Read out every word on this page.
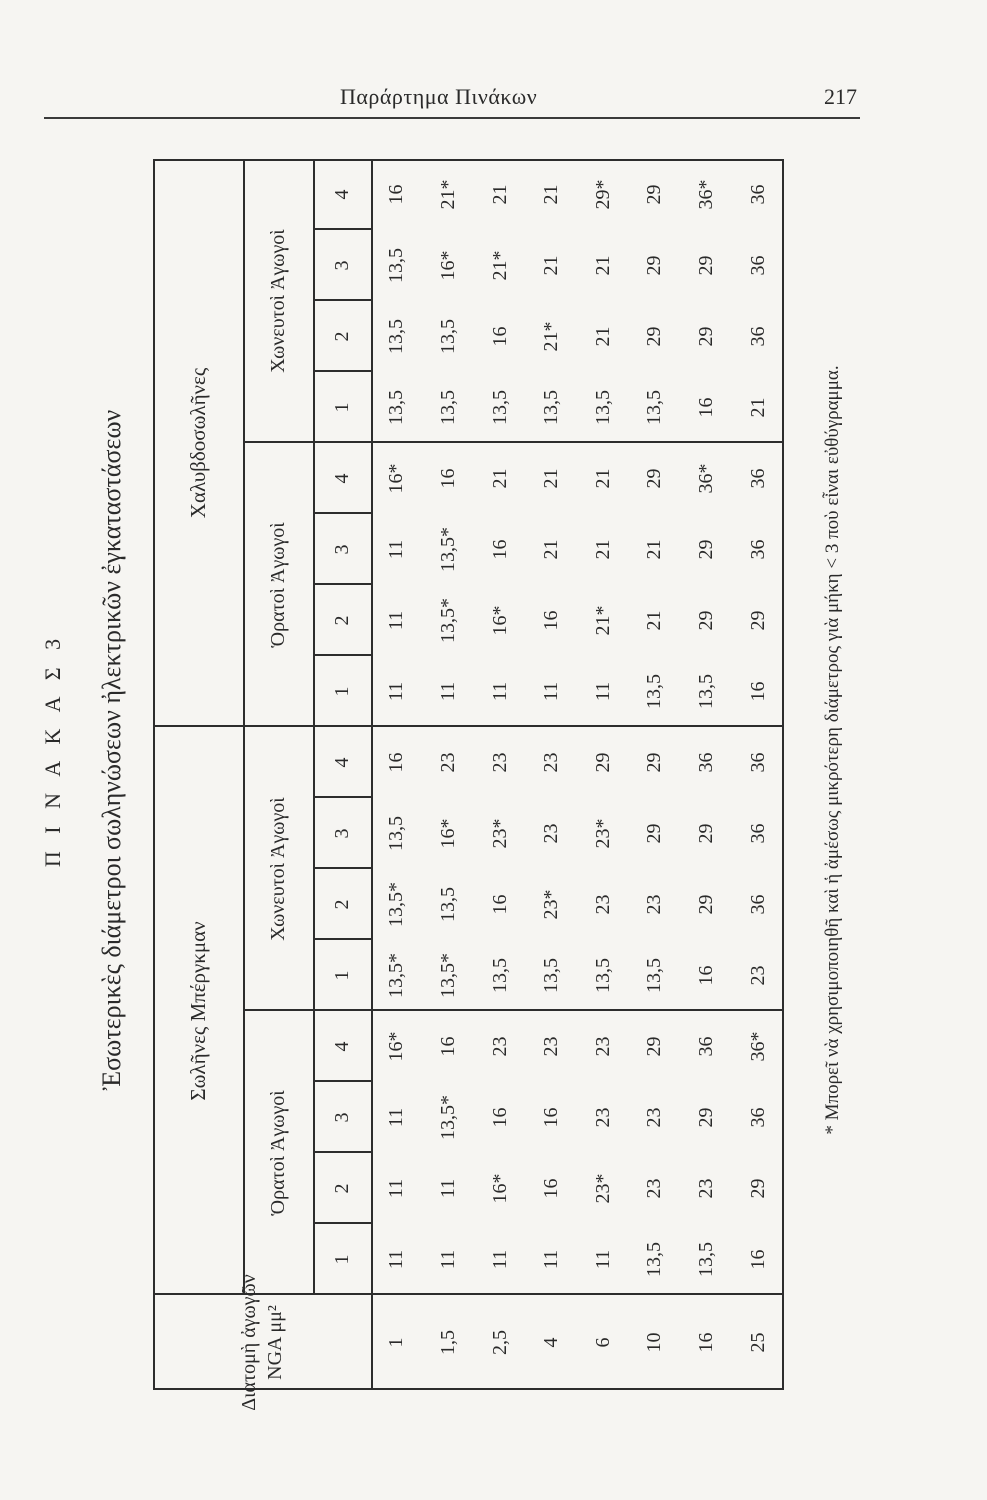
Παράρτημα Πινάκων	217
Π Ι Ν Α Κ Α Σ 3 Ἐσωτερικὲς διάμετροι σωληνώσεων ἠλεκτρικῶν ἐγκαταστάσεων
Διατομὴ ἀγωγῶν NGA μμ²
Σωλῆνες Μπέργκμαν
Ὁρατοὶ Ἀγωγοὶ
1
2
3
4
Χωνευτοὶ Ἀγωγοὶ
1
2
3
4
Χαλυβδοσωλῆνες
Ὁρατοὶ Ἀγωγοὶ
1
2
3
4
Χωνευτοὶ Ἀγωγοὶ
1
2
3
4
1
11
11
11
16*
13,5*
13,5*
13,5
16
11
11
11
16*
13,5
13,5
13,5
16
1,5
11
11
13,5*
16
13,5*
13,5
16*
23
11
13,5*
13,5*
16
13,5
13,5
16*
21*
2,5
11
16*
16
23
13,5
16
23*
23
11
16*
16
21
13,5
16
21*
21
4
11
16
16
23
13,5
23*
23
23
11
16
21
21
13,5
21*
21
21
6
11
23*
23
23
13,5
23
23*
29
11
21*
21
21
13,5
21
21
29*
10
13,5
23
23
29
13,5
23
29
29
13,5
21
21
29
13,5
29
29
29
16
13,5
23
29
36
16
29
29
36
13,5
29
29
36*
16
29
29
36*
25
16
29
36
36*
23
36
36
36
16
29
36
36
21
36
36
36
* Μπορεῖ νὰ χρησιμοποιηθῆ καὶ ἡ ἀμέσως μικρότερη διάμετρος γιὰ μήκη < 3 ποὺ εἶναι εὐθύγραμμα.
